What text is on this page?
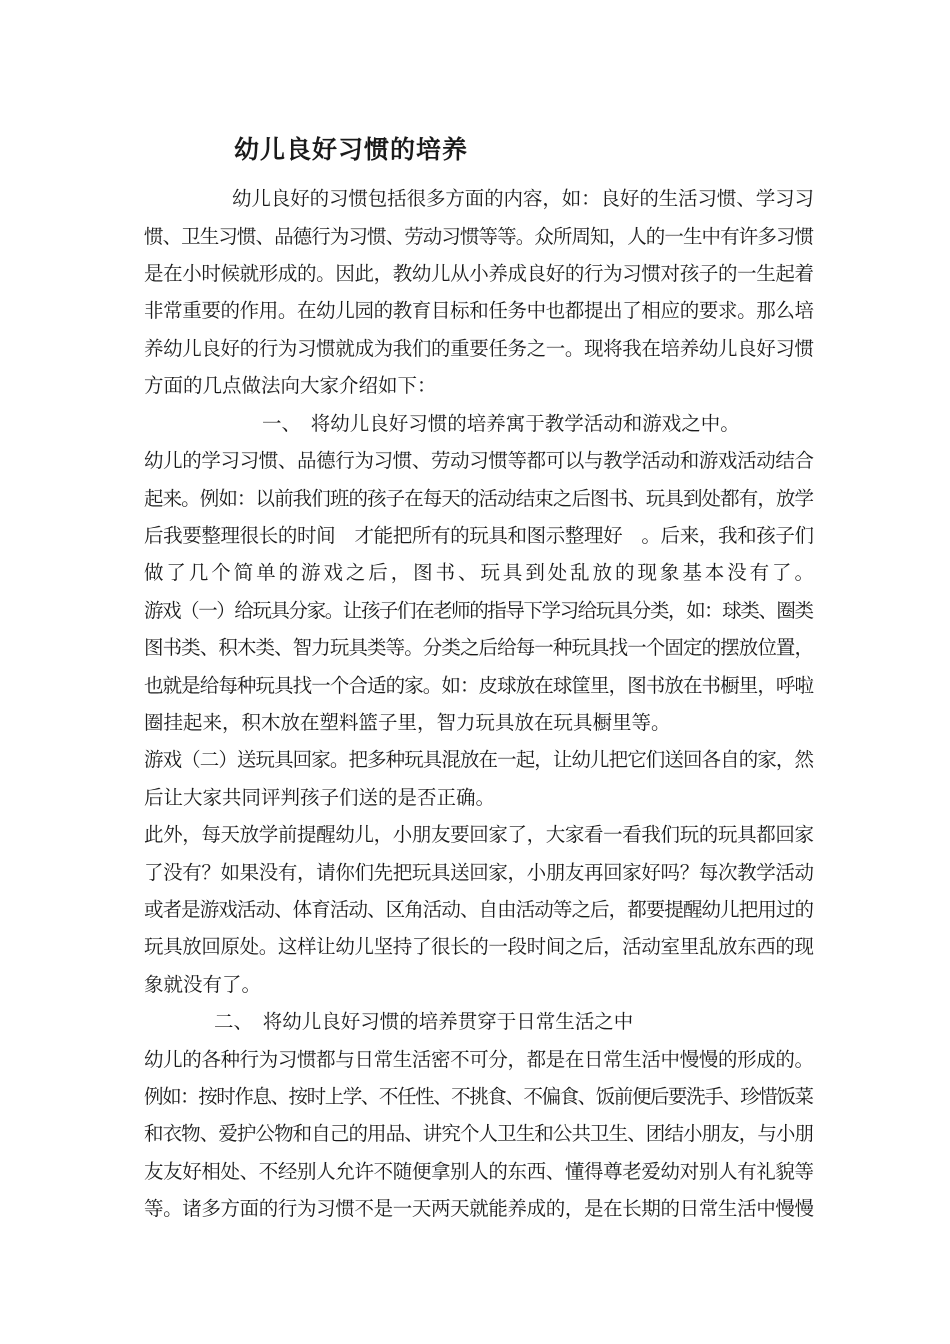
幼儿良好习惯的培养
幼儿良好的习惯包括很多方面的内容，如：良好的生活习惯、学习习
惯、卫生习惯、品德行为习惯、劳动习惯等等。众所周知，人的一生中有许多习惯
是在小时候就形成的。因此，教幼儿从小养成良好的行为习惯对孩子的一生起着
非常重要的作用。在幼儿园的教育目标和任务中也都提出了相应的要求。那么培
养幼儿良好的行为习惯就成为我们的重要任务之一。现将我在培养幼儿良好习惯
方面的几点做法向大家介绍如下：
一、　将幼儿良好习惯的培养寓于教学活动和游戏之中。
幼儿的学习习惯、品德行为习惯、劳动习惯等都可以与教学活动和游戏活动结合
起来。例如：以前我们班的孩子在每天的活动结束之后图书、玩具到处都有，放学
后我要整理很长的时间　才能把所有的玩具和图示整理好　。后来，我和孩子们
做了几个简单的游戏之后，图书、玩具到处乱放的现象基本没有了。
游戏（一）给玩具分家。让孩子们在老师的指导下学习给玩具分类，如：球类、圈类
图书类、积木类、智力玩具类等。分类之后给每一种玩具找一个固定的摆放位置，
也就是给每种玩具找一个合适的家。如：皮球放在球筐里，图书放在书橱里，呼啦
圈挂起来，积木放在塑料篮子里，智力玩具放在玩具橱里等。
游戏（二）送玩具回家。把多种玩具混放在一起，让幼儿把它们送回各自的家，然
后让大家共同评判孩子们送的是否正确。
此外，每天放学前提醒幼儿，小朋友要回家了，大家看一看我们玩的玩具都回家
了没有？如果没有，请你们先把玩具送回家，小朋友再回家好吗？每次教学活动
或者是游戏活动、体育活动、区角活动、自由活动等之后，都要提醒幼儿把用过的
玩具放回原处。这样让幼儿坚持了很长的一段时间之后，活动室里乱放东西的现
象就没有了。
二、　将幼儿良好习惯的培养贯穿于日常生活之中
幼儿的各种行为习惯都与日常生活密不可分，都是在日常生活中慢慢的形成的。
例如：按时作息、按时上学、不任性、不挑食、不偏食、饭前便后要洗手、珍惜饭菜
和衣物、爱护公物和自己的用品、讲究个人卫生和公共卫生、团结小朋友，与小朋
友友好相处、不经别人允许不随便拿别人的东西、懂得尊老爱幼对别人有礼貌等
等。诸多方面的行为习惯不是一天两天就能养成的，是在长期的日常生活中慢慢
